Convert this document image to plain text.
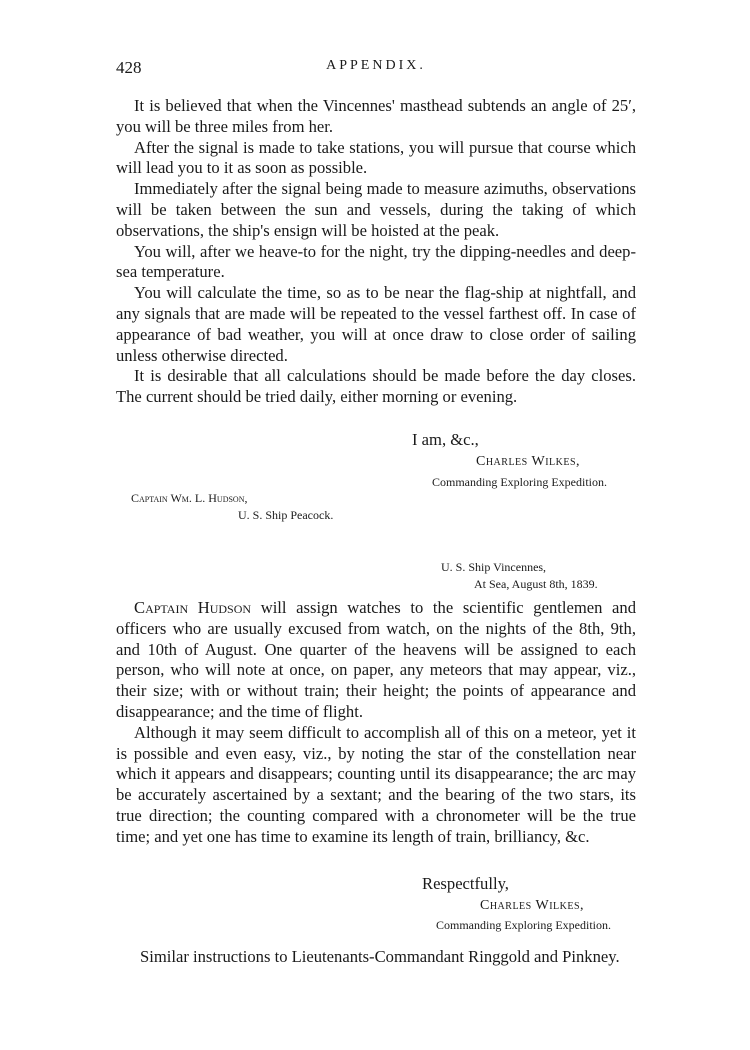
428	APPENDIX.

It is believed that when the Vincennes' masthead subtends an angle of 25′, you will be three miles from her.

After the signal is made to take stations, you will pursue that course which will lead you to it as soon as possible.

Immediately after the signal being made to measure azimuths, observations will be taken between the sun and vessels, during the taking of which observations, the ship's ensign will be hoisted at the peak.

You will, after we heave-to for the night, try the dipping-needles and deep-sea temperature.

You will calculate the time, so as to be near the flag-ship at nightfall, and any signals that are made will be repeated to the vessel farthest off. In case of appearance of bad weather, you will at once draw to close order of sailing unless otherwise directed.

It is desirable that all calculations should be made before the day closes. The current should be tried daily, either morning or evening.

I am, &c.,
Charles Wilkes,
Commanding Exploring Expedition.
Captain Wm. L. Hudson,
U. S. Ship Peacock.
U. S. Ship Vincennes,
At Sea, August 8th, 1839.

Captain Hudson will assign watches to the scientific gentlemen and officers who are usually excused from watch, on the nights of the 8th, 9th, and 10th of August. One quarter of the heavens will be assigned to each person, who will note at once, on paper, any meteors that may appear, viz., their size; with or without train; their height; the points of appearance and disappearance; and the time of flight.

Although it may seem difficult to accomplish all of this on a meteor, yet it is possible and even easy, viz., by noting the star of the constellation near which it appears and disappears; counting until its disappearance; the arc may be accurately ascertained by a sextant; and the bearing of the two stars, its true direction; the counting compared with a chronometer will be the true time; and yet one has time to examine its length of train, brilliancy, &c.

Respectfully,
Charles Wilkes,
Commanding Exploring Expedition.

Similar instructions to Lieutenants-Commandant Ringgold and Pinkney.
